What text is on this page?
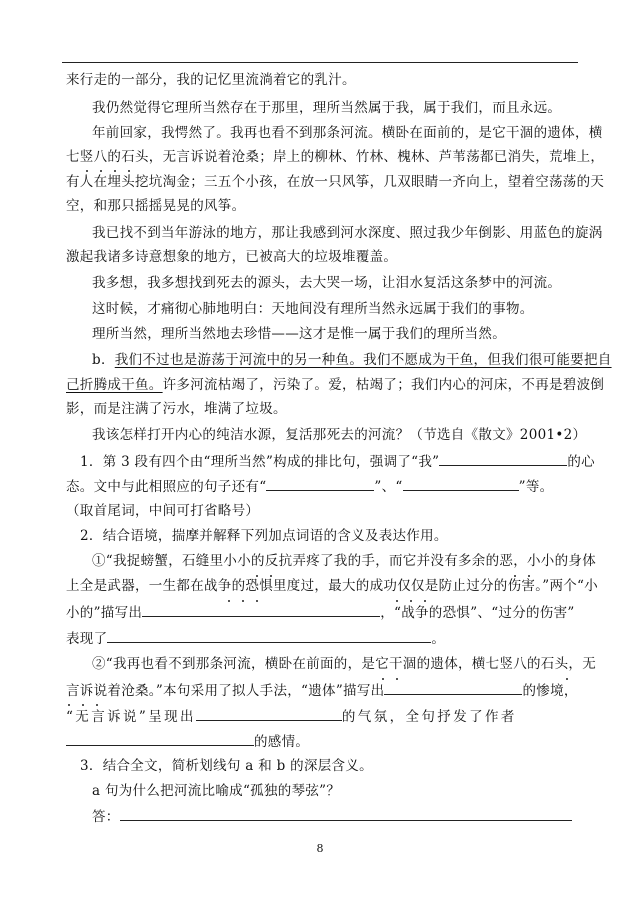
来行走的一部分，我的记忆里流淌着它的乳汁。
我仍然觉得它理所当然存在于那里，理所当然属于我，属于我们，而且永远。
年前回家，我愕然了。我再也看不到那条河流。横卧在面前的，是它干涸的遗体，横
七竖八的石头，无言诉说着沧桑；岸上的柳林、竹林、槐林、芦苇荡都已消失，荒堆上，
有人在埋头挖坑淘金；三五个小孩，在放一只风筝，几双眼睛一齐向上，望着空荡荡的天
空，和那只摇摇晃晃的风筝。
我已找不到当年游泳的地方，那让我感到河水深度、照过我少年倒影、用蓝色的旋涡
激起我诸多诗意想象的地方，已被高大的垃圾堆覆盖。
我多想，我多想找到死去的源头，去大哭一场，让泪水复活这条梦中的河流。
这时候，才痛彻心肺地明白：天地间没有理所当然永远属于我们的事物。
理所当然，理所当然地去珍惜——这才是惟一属于我们的理所当然。
b．我们不过也是游荡于河流中的另一种鱼。我们不愿成为干鱼，但我们很可能要把自
己折腾成干鱼。许多河流枯竭了，污染了。爱，枯竭了；我们内心的河床，不再是碧波倒
影，而是注满了污水，堆满了垃圾。
我该怎样打开内心的纯洁水源，复活那死去的河流？（节选自《散文》2001•2）
1．第 3 段有四个由“理所当然”构成的排比句，强调了“我”	的心
态。文中与此相照应的句子还有“	”、“	”等。
（取首尾词，中间可打省略号）
2．结合语境，揣摩并解释下列加点词语的含义及表达作用。
①“我捉螃蟹，石缝里小小的反抗弄疼了我的手，而它并没有多余的恶，小小的身体
上全是武器，一生都在战争的恐惧里度过，最大的成功仅仅是防止过分的伤害。”两个“小
小的”描写出	，“战争的恐惧”、“过分的伤害”
表现了	。
②“我再也看不到那条河流，横卧在前面的，是它干涸的遗体，横七竖八的石头，无
言诉说着沧桑。”本句采用了拟人手法，“遗体”描写出	的惨境，
“无言诉说”呈现出	的气氛，全句抒发了作者
的感情。
3．结合全文，简析划线句 a 和 b 的深层含义。
a 句为什么把河流比喻成“孤独的琴弦”？
答：
8
